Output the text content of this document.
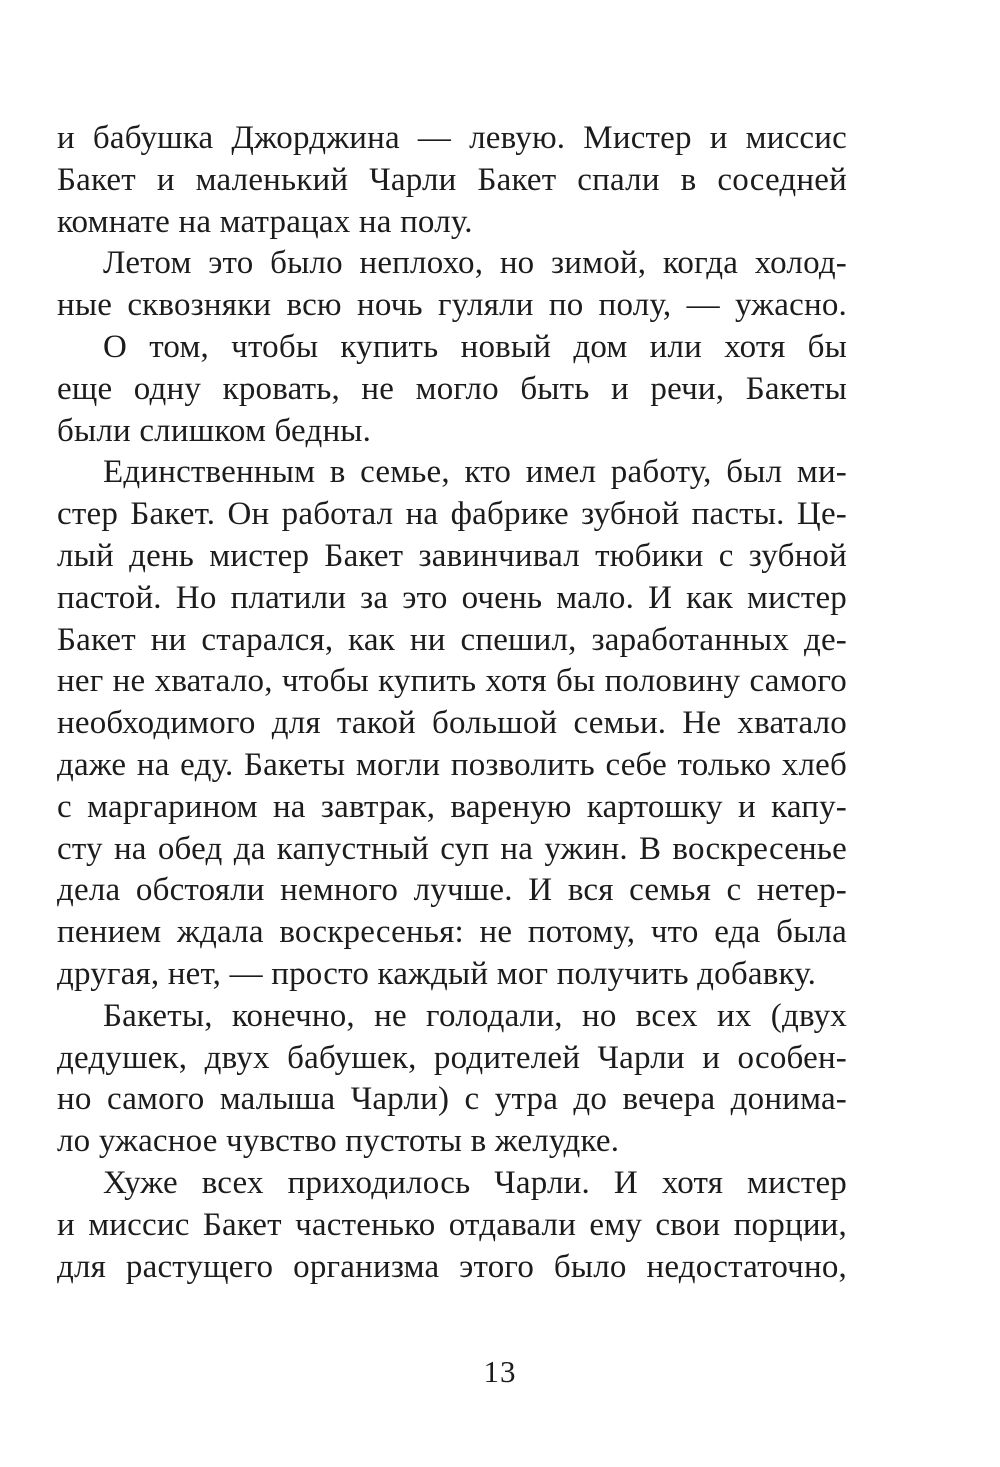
и бабушка Джорджина — левую. Мистер и миссис
Бакет и маленький Чарли Бакет спали в соседней
комнате на матрацах на полу.
Летом это было неплохо, но зимой, когда холод-
ные сквозняки всю ночь гуляли по полу, — ужасно.
О том, чтобы купить новый дом или хотя бы
еще одну кровать, не могло быть и речи, Бакеты
были слишком бедны.
Единственным в семье, кто имел работу, был ми-
стер Бакет. Он работал на фабрике зубной пасты. Це-
лый день мистер Бакет завинчивал тюбики с зубной
пастой. Но платили за это очень мало. И как мистер
Бакет ни старался, как ни спешил, заработанных де-
нег не хватало, чтобы купить хотя бы половину самого
необходимого для такой большой семьи. Не хватало
даже на еду. Бакеты могли позволить себе только хлеб
с маргарином на завтрак, вареную картошку и капу-
сту на обед да капустный суп на ужин. В воскресенье
дела обстояли немного лучше. И вся семья с нетер-
пением ждала воскресенья: не потому, что еда была
другая, нет, — просто каждый мог получить добавку.
Бакеты, конечно, не голодали, но всех их (двух
дедушек, двух бабушек, родителей Чарли и особен-
но самого малыша Чарли) с утра до вечера донима-
ло ужасное чувство пустоты в желудке.
Хуже всех приходилось Чарли. И хотя мистер
и миссис Бакет частенько отдавали ему свои порции,
для растущего организма этого было недостаточно,
13
